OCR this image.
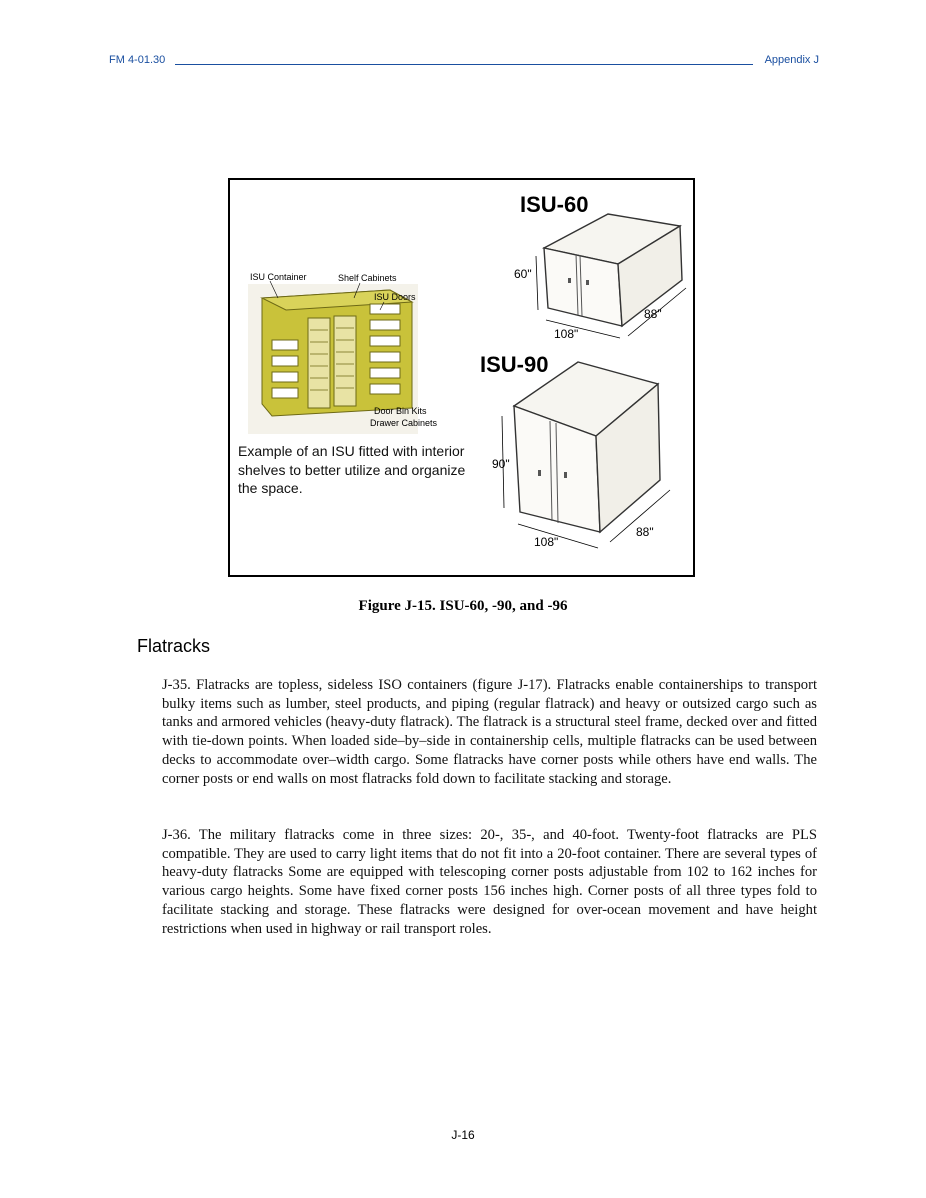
FM 4-01.30	Appendix J
ISU Container	Shelf Cabinets
ISU Doors
Door Bin Kits
Drawer Cabinets
ISU-60
60"
108"
88"
ISU-90
90"
108"
88"
Example of an ISU fitted with interior shelves to better utilize and organize the space.
Figure J-15. ISU-60, -90, and -96
Flatracks

J-35. Flatracks are topless, sideless ISO containers (figure J-17). Flatracks enable containerships to transport bulky items such as lumber, steel products, and piping (regular flatrack) and heavy or outsized cargo such as tanks and armored vehicles (heavy-duty flatrack). The flatrack is a structural steel frame, decked over and fitted with tie-down points. When loaded side–by–side in containership cells, multiple flatracks can be used between decks to accommodate over–width cargo. Some flatracks have corner posts while others have end walls. The corner posts or end walls on most flatracks fold down to facilitate stacking and storage.

J-36. The military flatracks come in three sizes: 20-, 35-, and 40-foot. Twenty-foot flatracks are PLS compatible. They are used to carry light items that do not fit into a 20-foot container. There are several types of heavy-duty flatracks Some are equipped with telescoping corner posts adjustable from 102 to 162 inches for various cargo heights. Some have fixed corner posts 156 inches high. Corner posts of all three types fold to facilitate stacking and storage. These flatracks were designed for over-ocean movement and have height restrictions when used in highway or rail transport roles.

J-16
